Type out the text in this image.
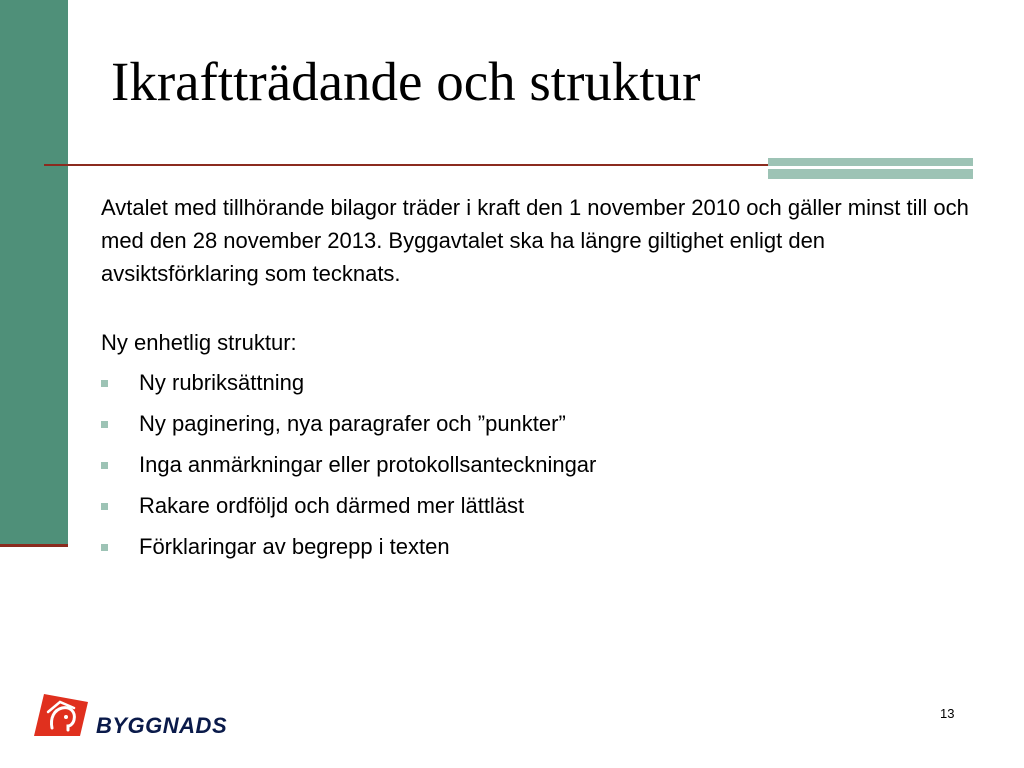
Ikraftträdande och struktur

Avtalet med tillhörande bilagor träder i kraft den 1 november 2010 och gäller minst till och med den 28 november 2013. Byggavtalet ska ha längre giltighet enligt den avsiktsförklaring som tecknats.

Ny enhetlig struktur:

Ny rubriksättning
Ny paginering, nya paragrafer och ”punkter”
Inga anmärkningar eller protokollsanteckningar
Rakare ordföljd och därmed mer lättläst
Förklaringar av begrepp i texten
BYGGNADS	13
